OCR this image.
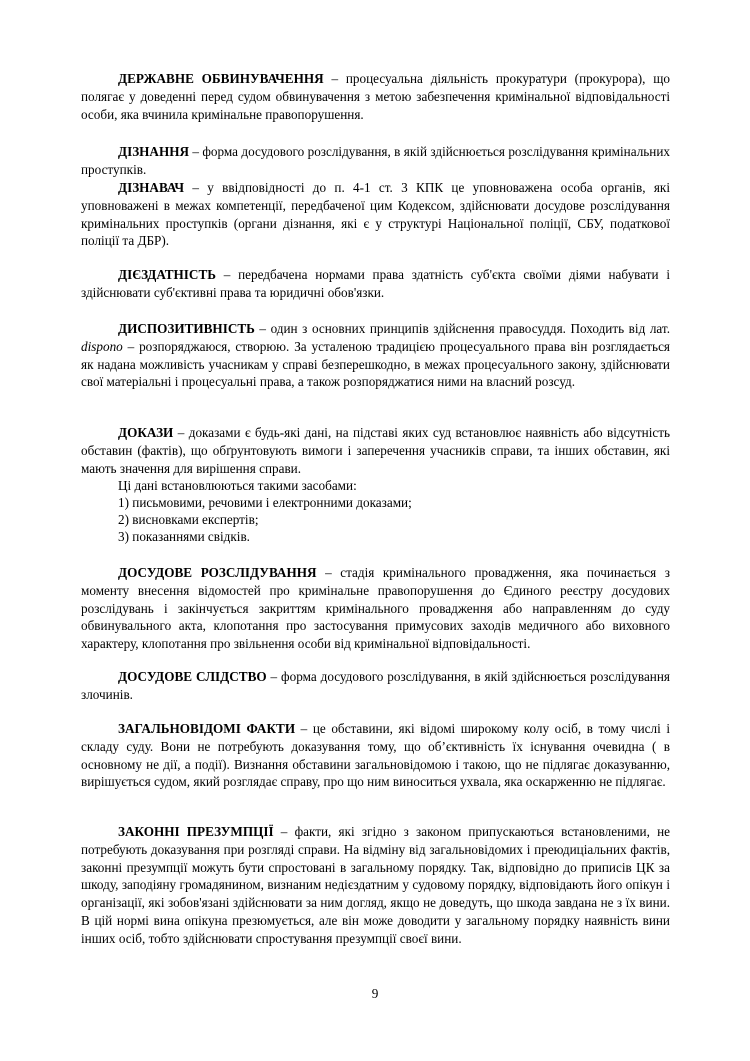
ДЕРЖАВНЕ ОБВИНУВАЧЕННЯ – процесуальна діяльність прокуратури (прокурора), що полягає у доведенні перед судом обвинувачення з метою забезпечення кримінальної відповідальності особи, яка вчинила кримінальне правопорушення.

ДІЗНАННЯ – форма досудового розслідування, в якій здійснюється розслідування кримінальних проступків.

ДІЗНАВАЧ – у ввідповідності до п. 4-1 ст. 3 КПК це уповноважена особа органів, які уповноважені в межах компетенції, передбаченої цим Кодексом, здійснювати досудове розслідування кримінальних проступків (органи дізнання, які є у структурі Національної поліції, СБУ, податкової поліції та ДБР).

ДІЄЗДАТНІСТЬ – передбачена нормами права здатність суб'єкта своїми діями набувати і здійснювати суб'єктивні права та юридичні обов'язки.

ДИСПОЗИТИВНІСТЬ – один з основних принципів здійснення правосуддя. Походить від лат. dispono – розпоряджаюся, створюю. За усталеною традицією процесуального права він розглядається як надана можливість учасникам у справі безперешкодно, в межах процесуального закону, здійснювати свої матеріальні і процесуальні права, а також розпоряджатися ними на власний розсуд.

ДОКАЗИ – доказами є будь-які дані, на підставі яких суд встановлює наявність або відсутність обставин (фактів), що обґрунтовують вимоги і заперечення учасників справи, та інших обставин, які мають значення для вирішення справи.

Ці дані встановлюються такими засобами:

1) письмовими, речовими і електронними доказами;

2) висновками експертів;

3) показаннями свідків.

ДОСУДОВЕ РОЗСЛІДУВАННЯ – стадія кримінального провадження, яка починається з моменту внесення відомостей про кримінальне правопорушення до Єдиного реєстру досудових розслідувань і закінчується закриттям кримінального провадження або направленням до суду обвинувального акта, клопотання про застосування примусових заходів медичного або виховного характеру, клопотання про звільнення особи від кримінальної відповідальності.

ДОСУДОВЕ СЛІДСТВО – форма досудового розслідування, в якій здійснюється розслідування злочинів.

ЗАГАЛЬНОВІДОМІ ФАКТИ – це обставини, які відомі широкому колу осіб, в тому числі і складу суду. Вони не потребують доказування тому, що об’єктивність їх існування очевидна ( в основному не дії, а події). Визнання обставини загальновідомою і такою, що не підлягає доказуванню, вирішується судом, який розглядає справу, про що ним виноситься ухвала, яка оскарженню не підлягає.

ЗАКОННІ ПРЕЗУМПЦІЇ – факти, які згідно з законом припускаються встановленими, не потребують доказування при розгляді справи. На відміну від загальновідомих і преюдиціальних фактів, законні презумпції можуть бути спростовані в загальному порядку. Так, відповідно до приписів ЦК за шкоду, заподіяну громадянином, визнаним недієздатним у судовому порядку, відповідають його опікун і організації, які зобов'язані здійснювати за ним догляд, якщо не доведуть, що шкода завдана не з їх вини. В цій нормі вина опікуна презюмується, але він може доводити у загальному порядку наявність вини інших осіб, тобто здійснювати спростування презумпції своєї вини.

9
